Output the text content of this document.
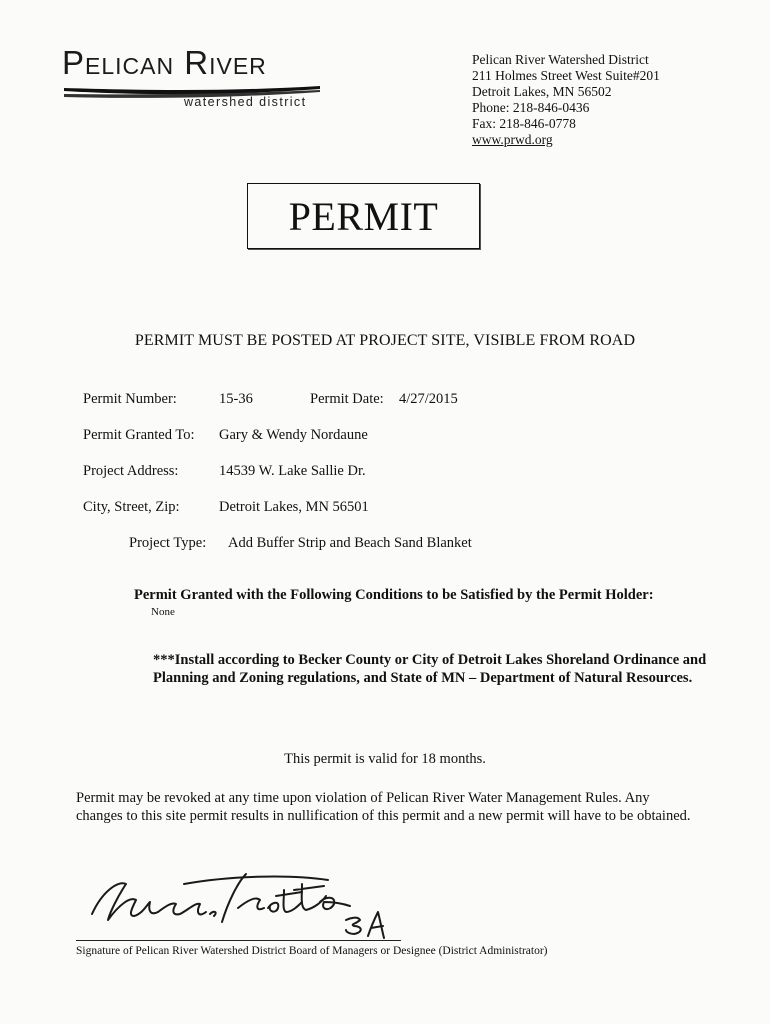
Pelican River
watershed district
Pelican River Watershed District
211 Holmes Street West Suite#201
Detroit Lakes, MN 56502
Phone: 218-846-0436
Fax: 218-846-0778
www.prwd.org
PERMIT
PERMIT MUST BE POSTED AT PROJECT SITE, VISIBLE FROM ROAD
Permit Number:	15-36	Permit Date: 4/27/2015
Permit Granted To: Gary & Wendy Nordaune
Project Address:	14539 W. Lake Sallie Dr.
City, Street, Zip:	Detroit Lakes, MN 56501
Project Type: Add Buffer Strip and Beach Sand Blanket
Permit Granted with the Following Conditions to be Satisfied by the Permit Holder:
None
***Install according to Becker County or City of Detroit Lakes Shoreland Ordinance and Planning and Zoning regulations, and State of MN – Department of Natural Resources.
This permit is valid for 18 months.
Permit may be revoked at any time upon violation of Pelican River Water Management Rules. Any changes to this site permit results in nullification of this permit and a new permit will have to be obtained.
Signature of Pelican River Watershed District Board of Managers or Designee (District Administrator)
